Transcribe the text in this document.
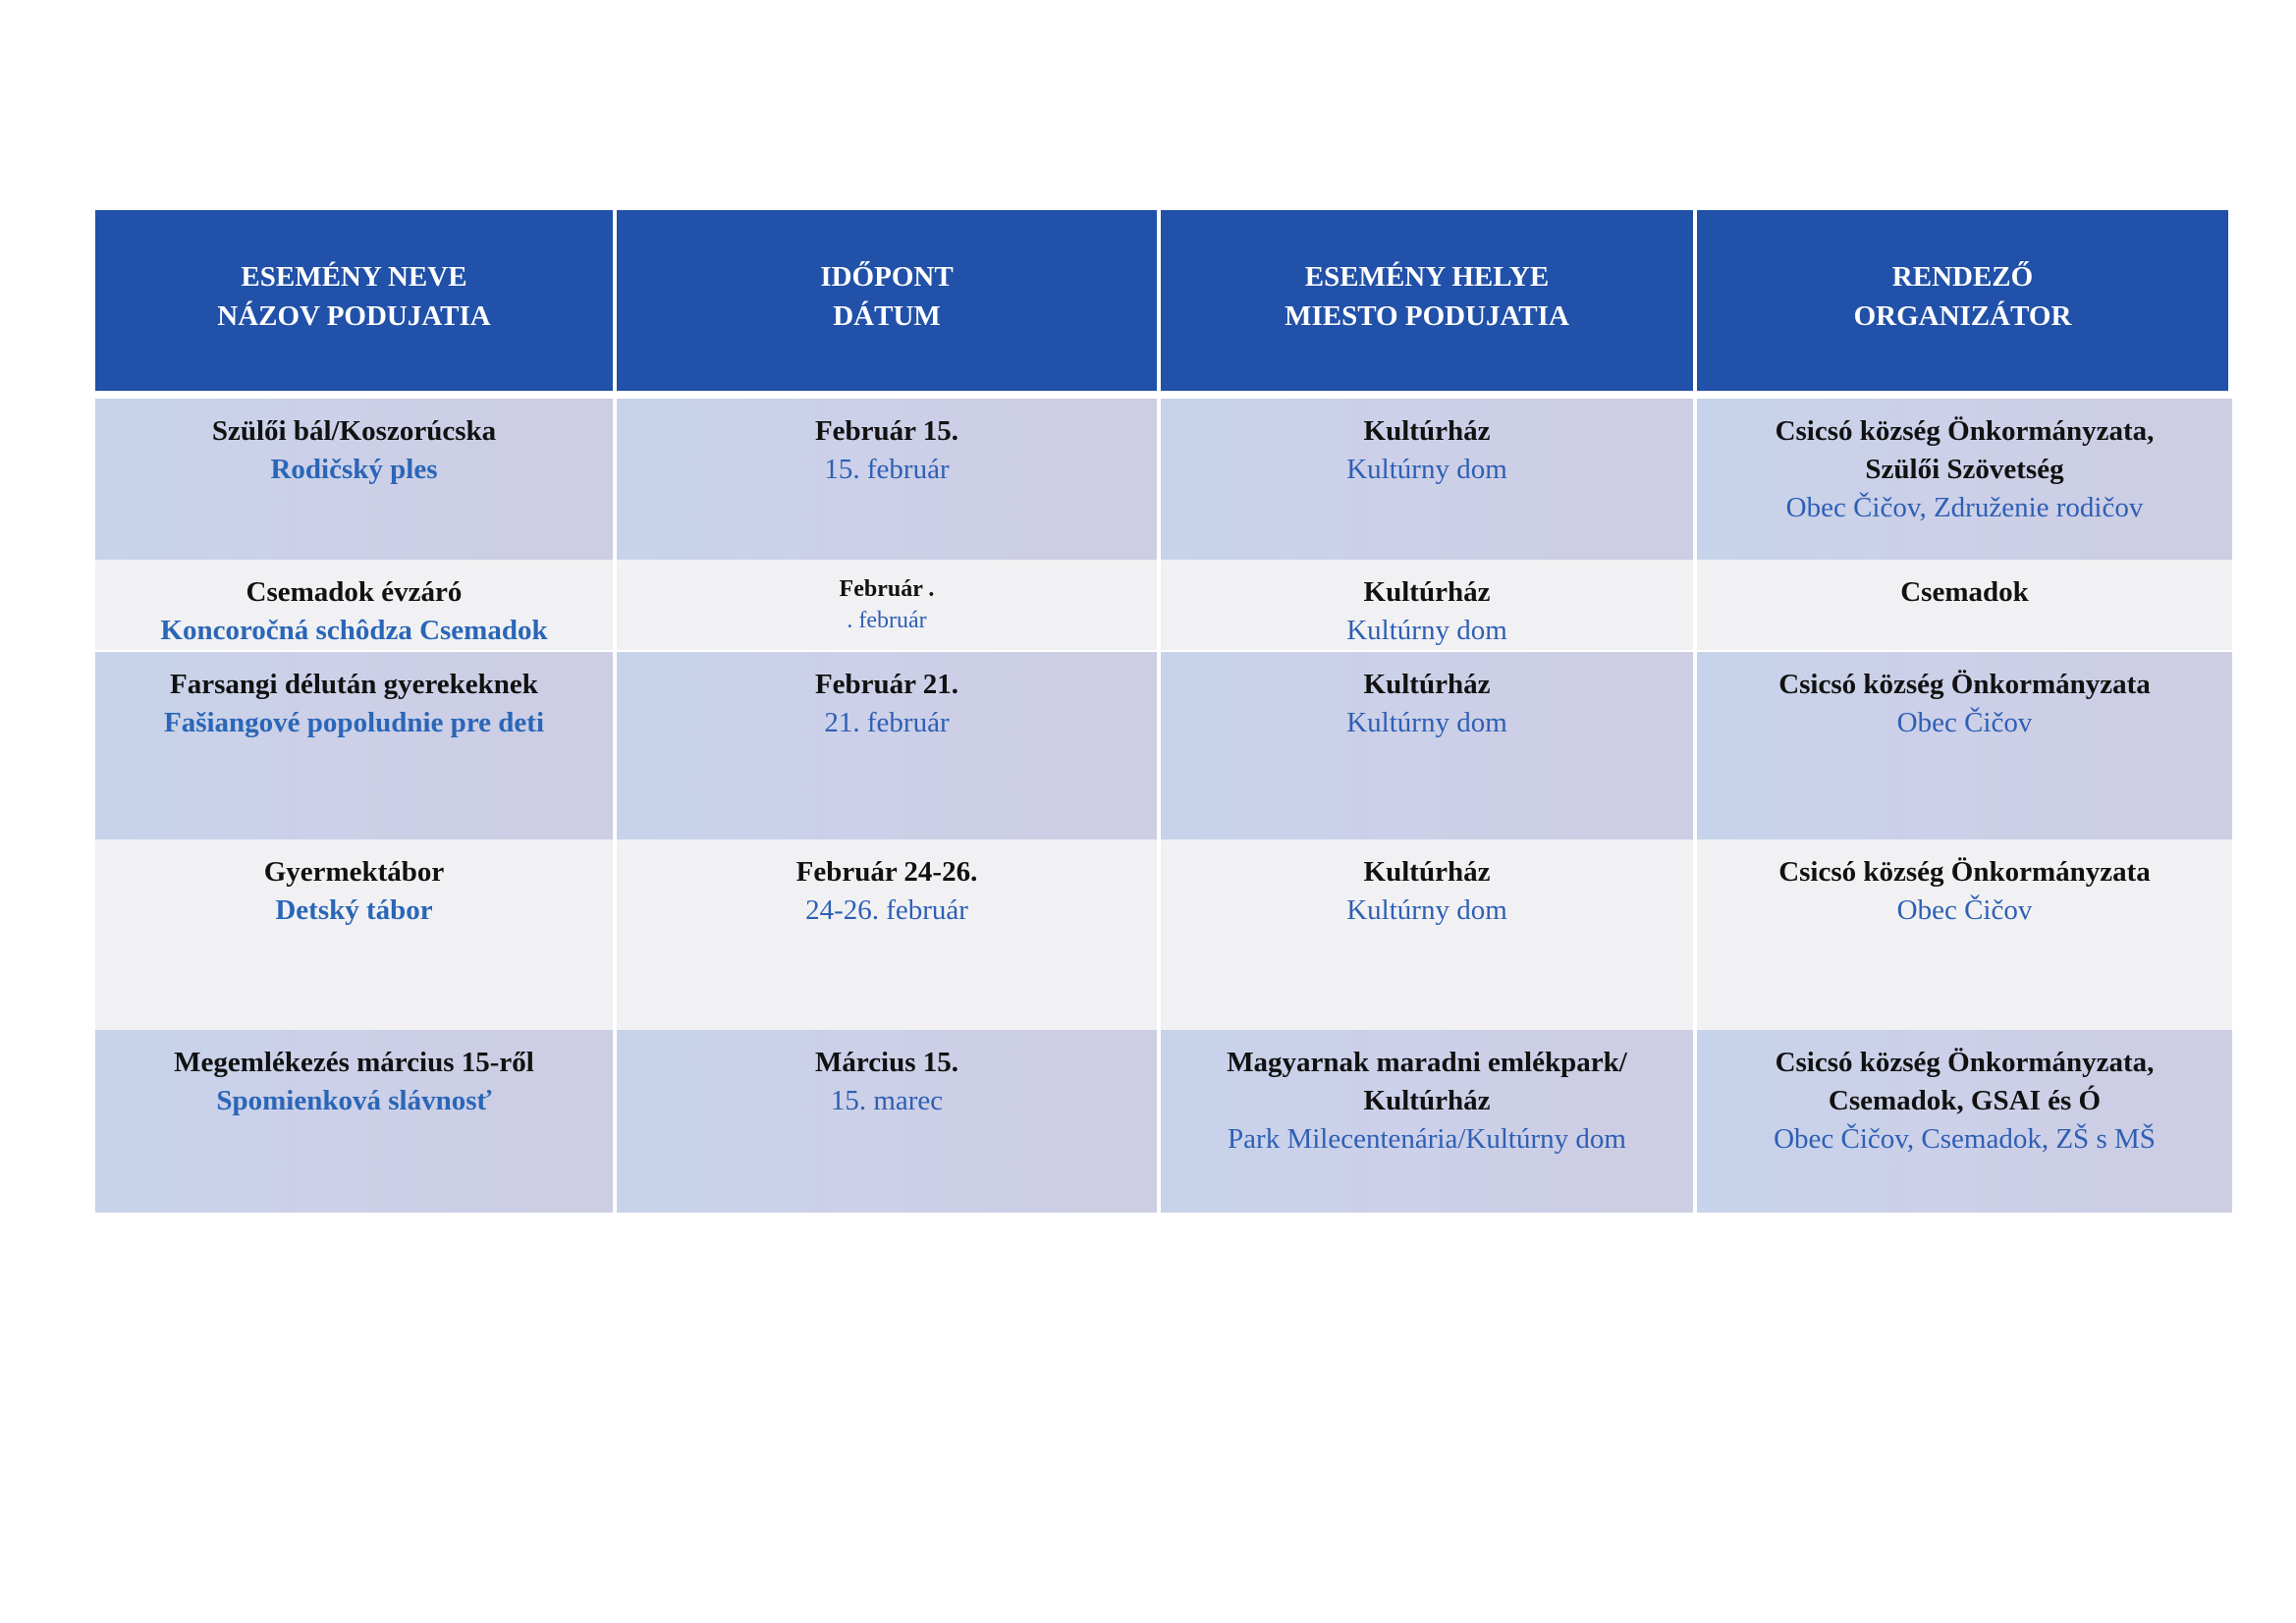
ESEMÉNY NEVE
NÁZOV PODUJATIA
IDŐPONT
DÁTUM
ESEMÉNY HELYE
MIESTO PODUJATIA
RENDEZŐ
ORGANIZÁTOR
Szülői bál/Koszorúcska
Rodičský ples
Február 15.
15. február
Kultúrház
Kultúrny dom
Csicsó község Önkormányzata,
Szülői Szövetség
Obec Čičov, Združenie rodičov
Csemadok évzáró
Koncoročná schôdza Csemadok
Február .
. február
Kultúrház
Kultúrny dom
Csemadok
Farsangi délután gyerekeknek
Fašiangové popoludnie pre deti
Február 21.
21. február
Kultúrház
Kultúrny dom
Csicsó község Önkormányzata
Obec Čičov
Gyermektábor
Detský tábor
Február 24-26.
24-26. február
Kultúrház
Kultúrny dom
Csicsó község Önkormányzata
Obec Čičov
Megemlékezés március 15-ről
Spomienková slávnosť
Március 15.
15. marec
Magyarnak maradni emlékpark/
Kultúrház
Park Milecentenária/Kultúrny dom
Csicsó község Önkormányzata,
Csemadok, GSAI és Ó
Obec Čičov, Csemadok, ZŠ s MŠ
